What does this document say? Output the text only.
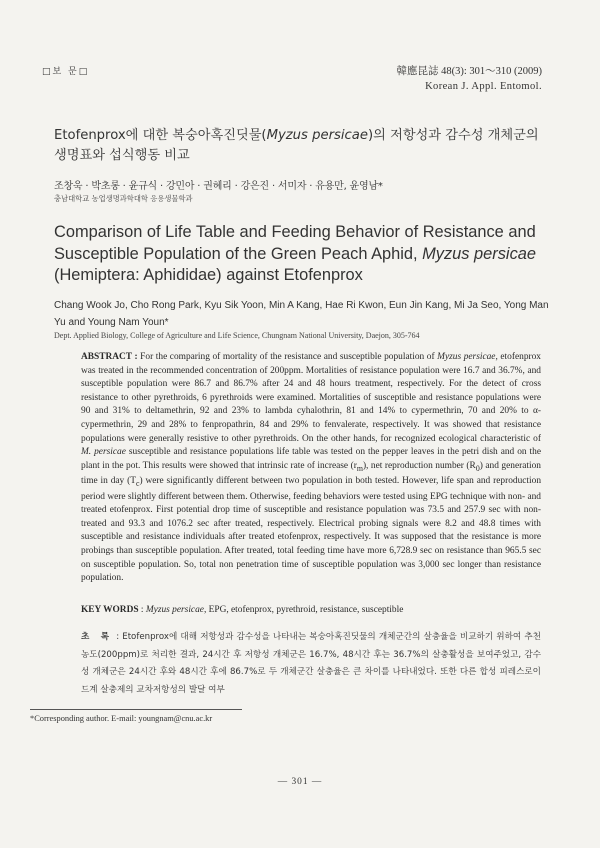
□보 문□	韓應昆誌 48(3): 301～310 (2009)
Korean J. Appl. Entomol.
Etofenprox에 대한 복숭아혹진딧물(Myzus persicae)의 저항성과 감수성 개체군의 생명표와 섭식행동 비교
조창욱 · 박초롱 · 윤규식 · 강민아 · 권혜리 · 강은진 · 서미자 · 유용만, 윤영남*
충남대학교 농업생명과학대학 응용생물학과
Comparison of Life Table and Feeding Behavior of Resistance and Susceptible Population of the Green Peach Aphid, Myzus persicae (Hemiptera: Aphididae) against Etofenprox
Chang Wook Jo, Cho Rong Park, Kyu Sik Yoon, Min A Kang, Hae Ri Kwon, Eun Jin Kang, Mi Ja Seo, Yong Man Yu and Young Nam Youn*
Dept. Applied Biology, College of Agriculture and Life Science, Chungnam National University, Daejon, 305-764
ABSTRACT : For the comparing of mortality of the resistance and susceptible population of Myzus persicae, etofenprox was treated in the recommended concentration of 200ppm. Mortalities of resistance population were 16.7 and 36.7%, and susceptible population were 86.7 and 86.7% after 24 and 48 hours treatment, respectively. For the detect of cross resistance to other pyrethroids, 6 pyrethroids were examined. Mortalities of susceptible and resistance populations were 90 and 31% to deltamethrin, 92 and 23% to lambda cyhalothrin, 81 and 14% to cypermethrin, 70 and 20% to α-cypermethrin, 29 and 28% to fenpropathrin, 84 and 29% to fenvalerate, respectively. It was showed that resistance populations were generally resistive to other pyrethroids. On the other hands, for recognized ecological characteristic of M. persicae susceptible and resistance populations life table was tested on the pepper leaves in the petri dish and on the plant in the pot. This results were showed that intrinsic rate of increase $(r_m)$, net reproduction number $(R_0)$ and generation time in day $(T_c)$ were significantly different between two population in both tested. However, life span and reproduction period were slightly different between them. Otherwise, feeding behaviors were tested using EPG technique with non- and treated etofenprox. First potential drop time of susceptible and resistance population was 73.5 and 257.9 sec with non-treated and 93.3 and 1076.2 sec after treated, respectively. Electrical probing signals were 8.2 and 48.8 times with susceptible and resistance individuals after treated etofenprox, respectively. It was supposed that the resistance is more probings than susceptible population. After treated, total feeding time have more 6,728.9 sec on resistance than 965.5 sec on susceptible population. So, total non penetration time of susceptible population was 3,000 sec longer than resistance population.
KEY WORDS : Myzus persicae, EPG, etofenprox, pyrethroid, resistance, susceptible
초 록 : Etofenprox에 대해 저항성과 감수성을 나타내는 복숭아혹진딧물의 개체군간의 살충율을 비교하기 위하여 추천농도(200ppm)로 처리한 결과, 24시간 후 저항성 개체군은 16.7%, 48시간 후는 36.7%의 살충활성을 보여주었고, 감수성 개체군은 24시간 후와 48시간 후에 86.7%로 두 개체군간 살충율은 큰 차이를 나타내었다. 또한 다른 합성 피레스로이드계 살충제의 교차저항성의 발달 여부
*Corresponding author. E-mail: youngnam@cnu.ac.kr
— 301 —
